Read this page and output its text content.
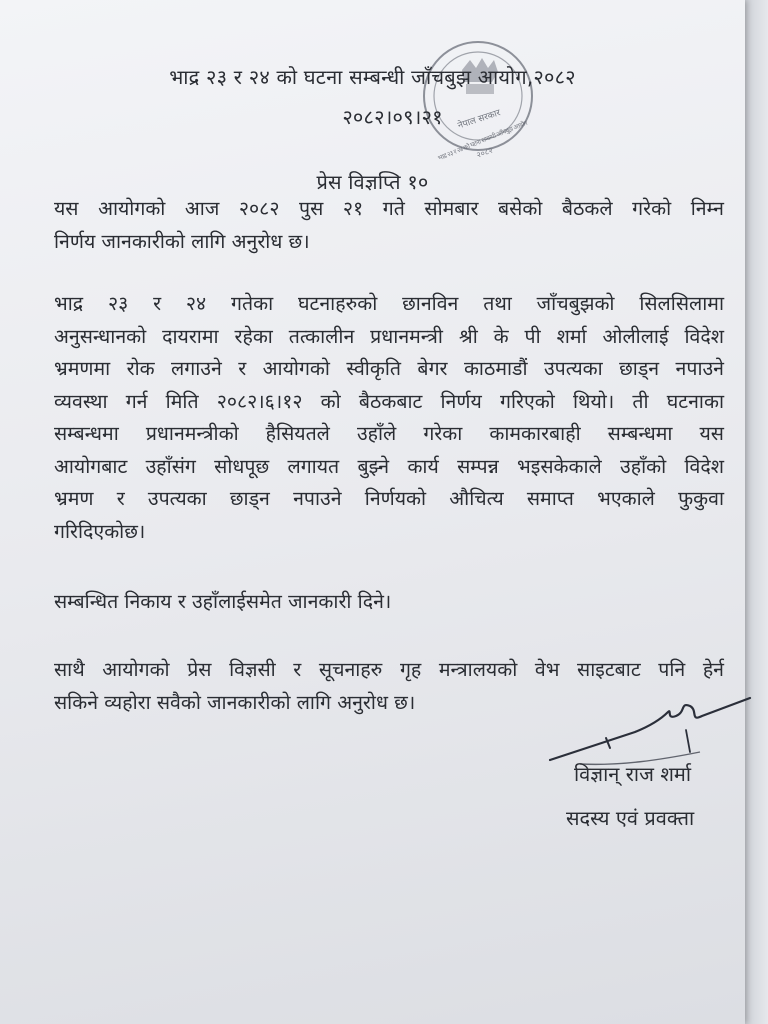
नेपाल सरकार
भाद्र २३ र २४ को घटना सम्बन्धी जाँचबुझ आयोग
२०८२
भाद्र २३ र २४ को घटना सम्बन्धी जाँचबुझ आयोग,२०८२
२०८२।०९।२१
प्रेस विज्ञप्ति १०
यस आयोगको आज २०८२ पुस २१ गते सोमबार बसेको बैठकले गरेको निम्न
निर्णय जानकारीको लागि अनुरोध छ।
भाद्र २३ र २४ गतेका घटनाहरुको छानविन तथा जाँचबुझको सिलसिलामा
अनुसन्धानको दायरामा रहेका तत्कालीन प्रधानमन्त्री श्री के पी शर्मा ओलीलाई विदेश
भ्रमणमा रोक लगाउने र आयोगको स्वीकृति बेगर काठमाडौं उपत्यका छाड्न नपाउने
व्यवस्था गर्न मिति २०८२।६।१२ को बैठकबाट निर्णय गरिएको थियो। ती घटनाका
सम्बन्धमा प्रधानमन्त्रीको हैसियतले उहाँले गरेका कामकारबाही सम्बन्धमा यस
आयोगबाट उहाँसंग सोधपूछ लगायत बुझ्ने कार्य सम्पन्न भइसकेकाले उहाँको विदेश
भ्रमण र उपत्यका छाड्न नपाउने निर्णयको औचित्य समाप्त भएकाले फुकुवा
गरिदिएकोछ।
सम्बन्धित निकाय र उहाँलाईसमेत जानकारी दिने।
साथै आयोगको प्रेस विज्ञसी र सूचनाहरु गृह मन्त्रालयको वेभ साइटबाट पनि हेर्न
सकिने व्यहोरा सवैको जानकारीको लागि अनुरोध छ।
विज्ञान् राज शर्मा
सदस्य एवं प्रवक्ता
